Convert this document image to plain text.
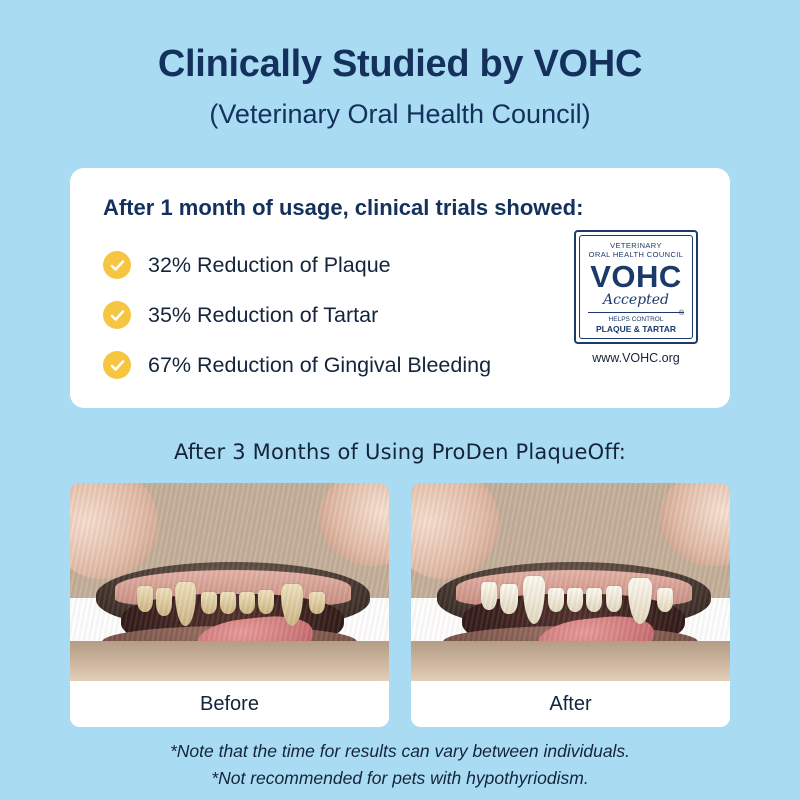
Clinically Studied by VOHC
(Veterinary Oral Health Council)
After 1 month of usage, clinical trials showed:
32% Reduction of Plaque
35% Reduction of Tartar
67% Reduction of Gingival Bleeding
VETERINARY
ORAL HEALTH COUNCIL
VOHC
Accepted
®
HELPS CONTROL
PLAQUE & TARTAR
www.VOHC.org
After 3 Months of Using ProDen PlaqueOff:
Before	After
*Note that the time for results can vary between individuals.
*Not recommended for pets with hypothyriodism.
